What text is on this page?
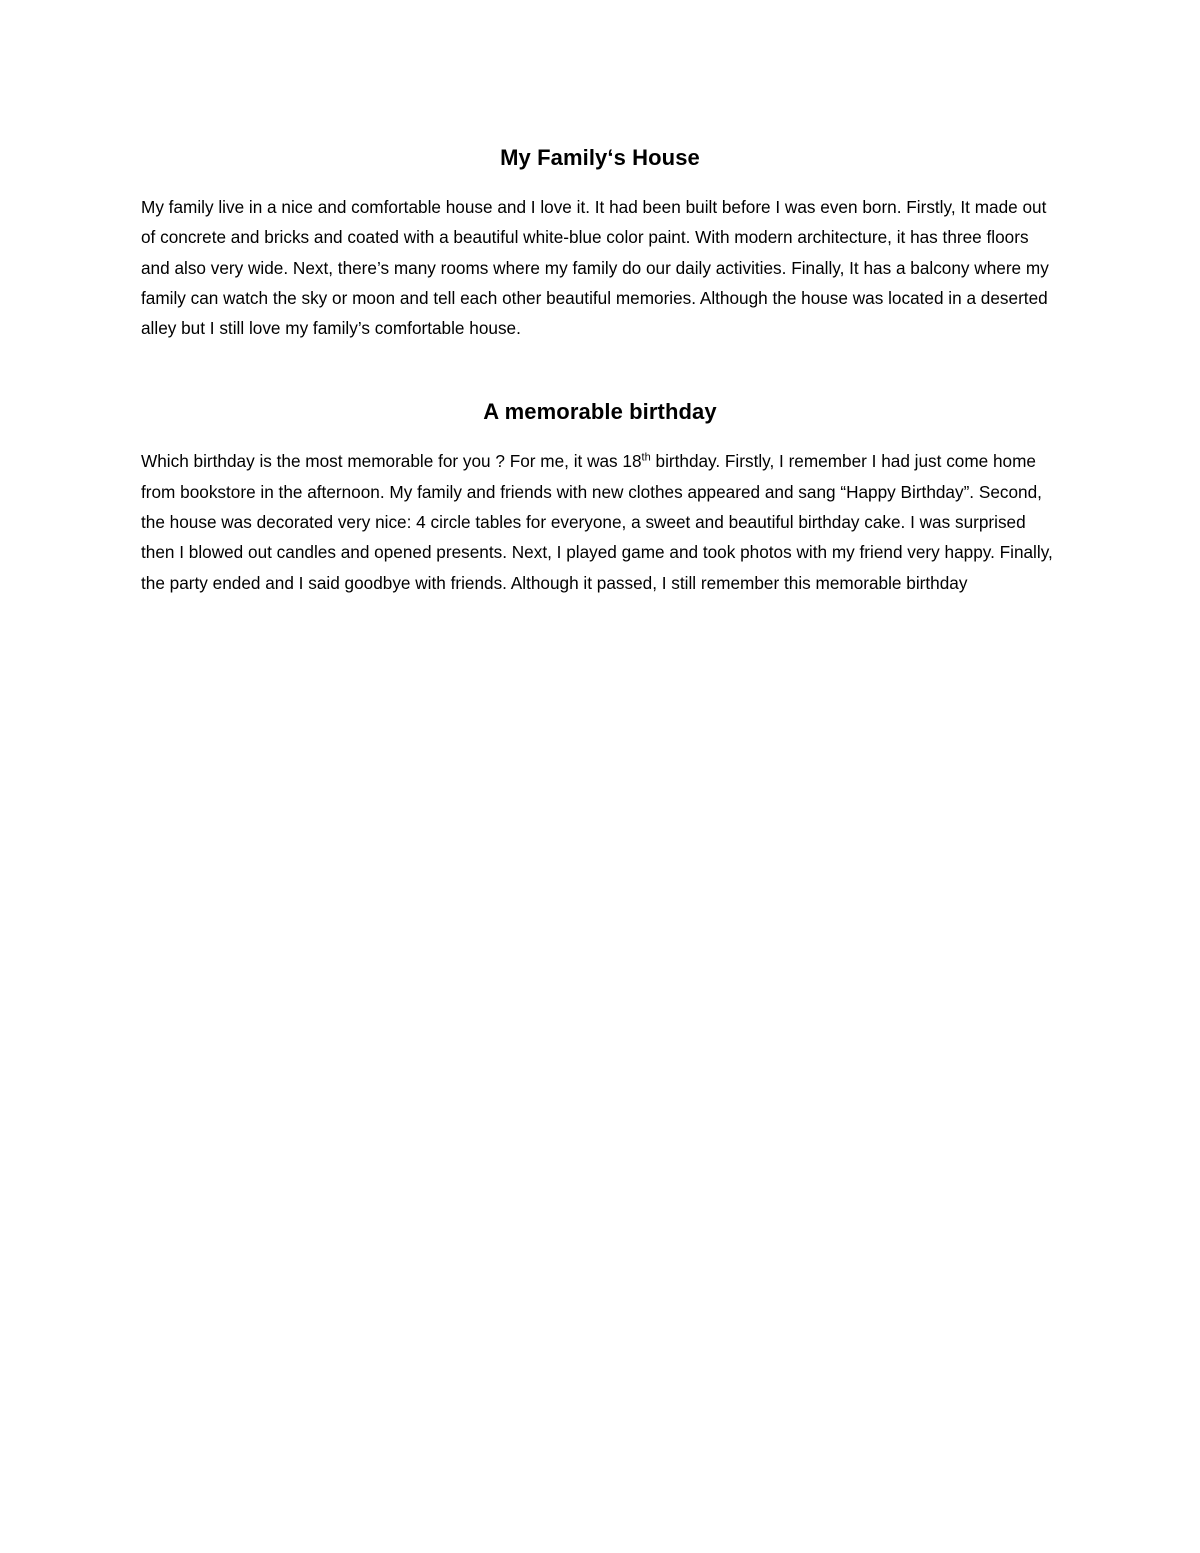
My Family‘s House

My family live in a nice and comfortable house and I love it. It had been built before I was even born. Firstly, It made out of concrete and bricks and coated with a beautiful white-blue color paint. With modern architecture, it has three floors and also very wide. Next, there’s many rooms where my family do our daily activities. Finally, It has a balcony where my family can watch the sky or moon and tell each other beautiful memories. Although the house was located in a deserted alley but I still love my family’s comfortable house.

A memorable birthday

Which birthday is the most memorable for you ? For me, it was 18th birthday. Firstly, I remember I had just come home from bookstore in the afternoon. My family and friends with new clothes appeared and sang “Happy Birthday”. Second, the house was decorated very nice: 4 circle tables for everyone, a sweet and beautiful birthday cake. I was surprised then I blowed out candles and opened presents. Next, I played game and took photos with my friend very happy. Finally, the party ended and I said goodbye with friends. Although it passed, I still remember this memorable birthday
